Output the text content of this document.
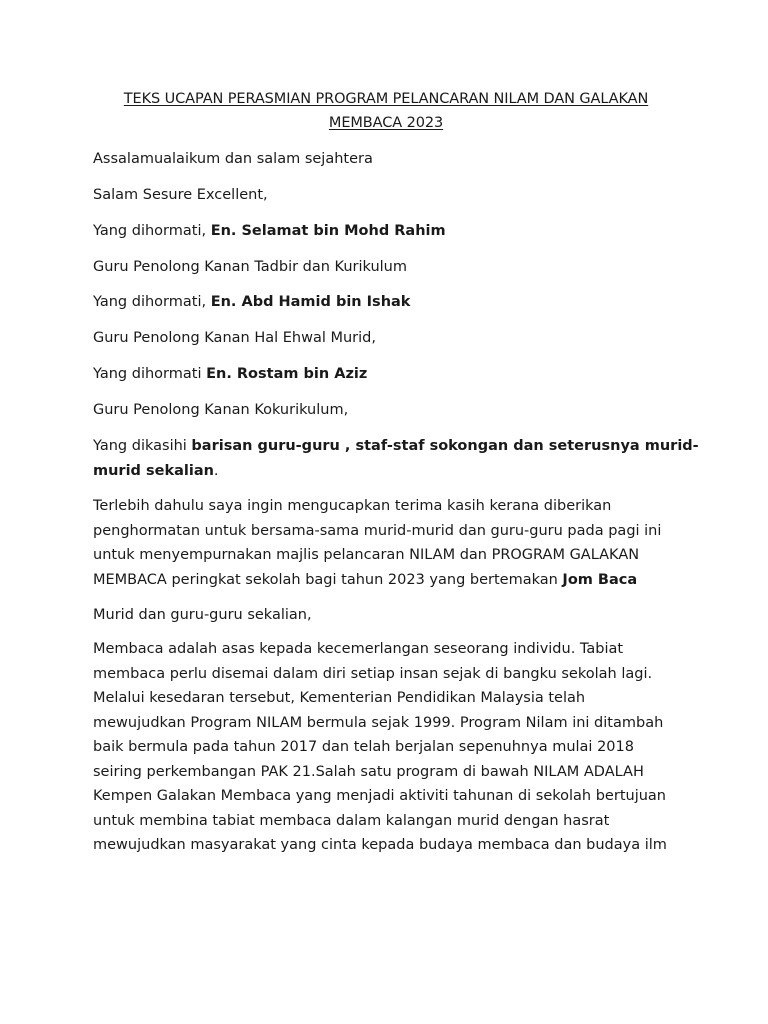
TEKS UCAPAN PERASMIAN PROGRAM PELANCARAN NILAM DAN GALAKAN
MEMBACA 2023

Assalamualaikum dan salam sejahtera

Salam Sesure Excellent,

Yang dihormati, En. Selamat bin Mohd Rahim

Guru Penolong Kanan Tadbir dan Kurikulum

Yang dihormati, En. Abd Hamid bin Ishak

Guru Penolong Kanan Hal Ehwal Murid,

Yang dihormati En. Rostam bin Aziz

Guru Penolong Kanan Kokurikulum,

Yang dikasihi barisan guru-guru , staf-staf sokongan dan seterusnya murid-
murid sekalian.

Terlebih dahulu saya ingin mengucapkan terima kasih kerana diberikan
penghormatan untuk bersama-sama murid-murid dan guru-guru pada pagi ini
untuk menyempurnakan majlis pelancaran NILAM dan PROGRAM GALAKAN
MEMBACA peringkat sekolah bagi tahun 2023 yang bertemakan Jom Baca

Murid dan guru-guru sekalian,

Membaca adalah asas kepada kecemerlangan seseorang individu. Tabiat
membaca perlu disemai dalam diri setiap insan sejak di bangku sekolah lagi.
Melalui kesedaran tersebut, Kementerian Pendidikan Malaysia telah
mewujudkan Program NILAM bermula sejak 1999. Program Nilam ini ditambah
baik bermula pada tahun 2017 dan telah berjalan sepenuhnya mulai 2018
seiring perkembangan PAK 21.Salah satu program di bawah NILAM ADALAH
Kempen Galakan Membaca yang menjadi aktiviti tahunan di sekolah bertujuan
untuk membina tabiat membaca dalam kalangan murid dengan hasrat
mewujudkan masyarakat yang cinta kepada budaya membaca dan budaya ilm
